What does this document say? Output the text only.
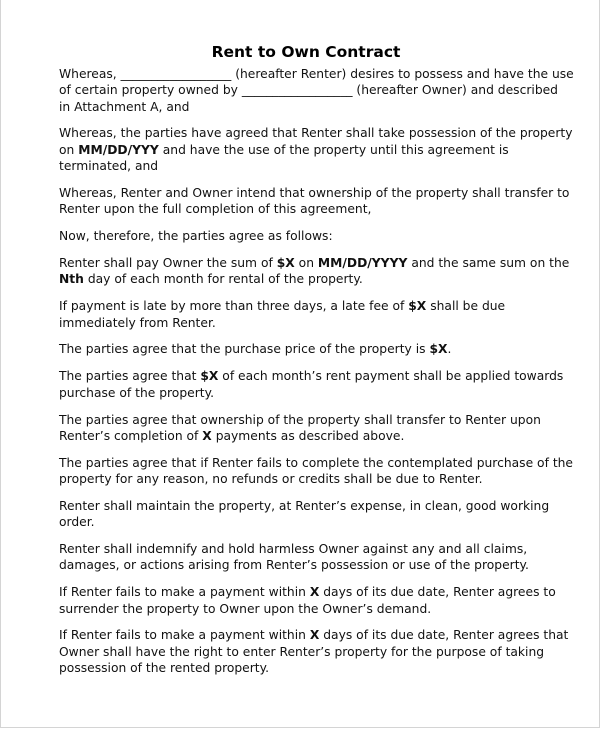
Rent to Own Contract
Whereas, __________________ (hereafter Renter) desires to possess and have the use
of certain property owned by __________________ (hereafter Owner) and described
in Attachment A, and
Whereas, the parties have agreed that Renter shall take possession of the property
on MM/DD/YYY and have the use of the property until this agreement is
terminated, and
Whereas, Renter and Owner intend that ownership of the property shall transfer to
Renter upon the full completion of this agreement,
Now, therefore, the parties agree as follows:
Renter shall pay Owner the sum of $X on MM/DD/YYYY and the same sum on the
Nth day of each month for rental of the property.
If payment is late by more than three days, a late fee of $X shall be due
immediately from Renter.
The parties agree that the purchase price of the property is $X.
The parties agree that $X of each month’s rent payment shall be applied towards
purchase of the property.
The parties agree that ownership of the property shall transfer to Renter upon
Renter’s completion of X payments as described above.
The parties agree that if Renter fails to complete the contemplated purchase of the
property for any reason, no refunds or credits shall be due to Renter.
Renter shall maintain the property, at Renter’s expense, in clean, good working
order.
Renter shall indemnify and hold harmless Owner against any and all claims,
damages, or actions arising from Renter’s possession or use of the property.
If Renter fails to make a payment within X days of its due date, Renter agrees to
surrender the property to Owner upon the Owner’s demand.
If Renter fails to make a payment within X days of its due date, Renter agrees that
Owner shall have the right to enter Renter’s property for the purpose of taking
possession of the rented property.
